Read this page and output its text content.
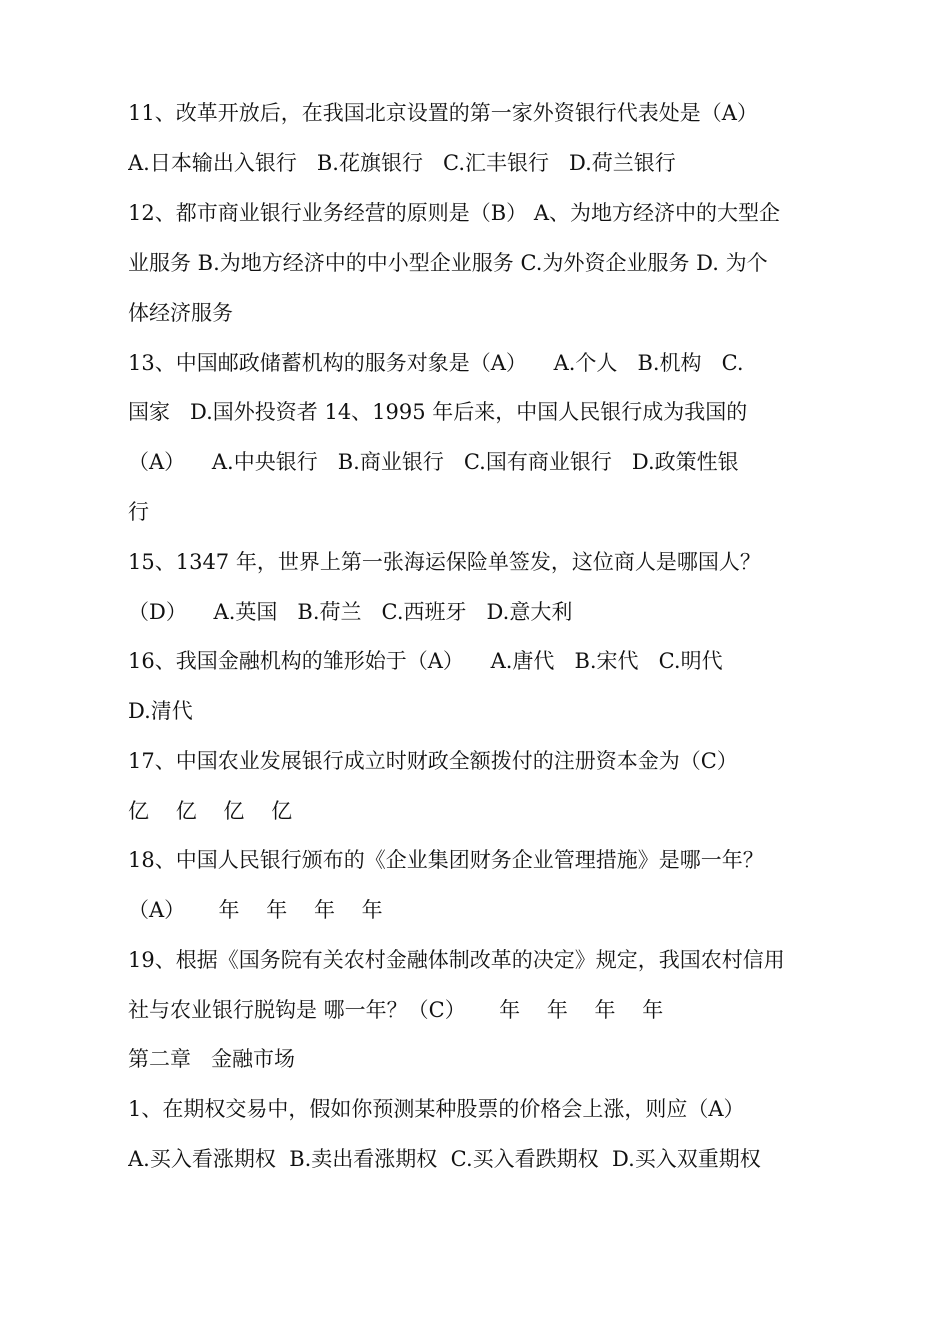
11、改革开放后，在我国北京设置的第一家外资银行代表处是（A）
A.日本输出入银行   B.花旗银行   C.汇丰银行   D.荷兰银行
12、都市商业银行业务经营的原则是（B） A、为地方经济中的大型企
业服务 B.为地方经济中的中小型企业服务 C.为外资企业服务 D. 为个
体经济服务
13、中国邮政储蓄机构的服务对象是（A）    A.个人   B.机构   C.
国家   D.国外投资者 14、1995 年后来，中国人民银行成为我国的
（A）    A.中央银行   B.商业银行   C.国有商业银行   D.政策性银
行
15、1347 年，世界上第一张海运保险单签发，这位商人是哪国人？
（D）    A.英国   B.荷兰   C.西班牙   D.意大利
16、我国金融机构的雏形始于（A）    A.唐代   B.宋代   C.明代
D.清代
17、中国农业发展银行成立时财政全额拨付的注册资本金为（C）
亿    亿    亿    亿
18、中国人民银行颁布的《企业集团财务企业管理措施》是哪一年？
（A）     年    年    年    年
19、根据《国务院有关农村金融体制改革的决定》规定，我国农村信用
社与农业银行脱钩是 哪一年？（C）     年    年    年    年
第二章   金融市场
1、在期权交易中，假如你预测某种股票的价格会上涨，则应（A）
A.买入看涨期权  B.卖出看涨期权  C.买入看跌期权  D.买入双重期权
